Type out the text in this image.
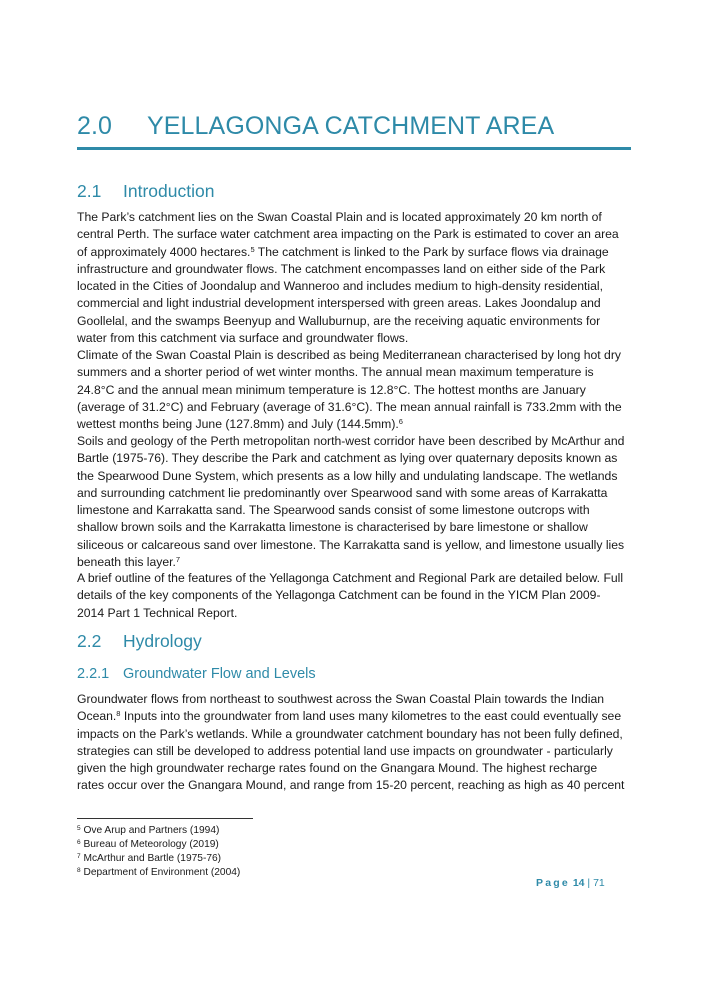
2.0 YELLAGONGA CATCHMENT AREA
2.1 Introduction
The Park’s catchment lies on the Swan Coastal Plain and is located approximately 20 km north of
central Perth. The surface water catchment area impacting on the Park is estimated to cover an area
of approximately 4000 hectares.$^5$ The catchment is linked to the Park by surface flows via drainage
infrastructure and groundwater flows. The catchment encompasses land on either side of the Park
located in the Cities of Joondalup and Wanneroo and includes medium to high-density residential,
commercial and light industrial development interspersed with green areas. Lakes Joondalup and
Goollelal, and the swamps Beenyup and Walluburnup, are the receiving aquatic environments for
water from this catchment via surface and groundwater flows.
Climate of the Swan Coastal Plain is described as being Mediterranean characterised by long hot dry
summers and a shorter period of wet winter months. The annual mean maximum temperature is
24.8°C and the annual mean minimum temperature is 12.8°C. The hottest months are January
(average of 31.2°C) and February (average of 31.6°C). The mean annual rainfall is 733.2mm with the
wettest months being June (127.8mm) and July (144.5mm).$^6$
Soils and geology of the Perth metropolitan north-west corridor have been described by McArthur and
Bartle (1975-76). They describe the Park and catchment as lying over quaternary deposits known as
the Spearwood Dune System, which presents as a low hilly and undulating landscape. The wetlands
and surrounding catchment lie predominantly over Spearwood sand with some areas of Karrakatta
limestone and Karrakatta sand. The Spearwood sands consist of some limestone outcrops with
shallow brown soils and the Karrakatta limestone is characterised by bare limestone or shallow
siliceous or calcareous sand over limestone. The Karrakatta sand is yellow, and limestone usually lies
beneath this layer.$^7$
A brief outline of the features of the Yellagonga Catchment and Regional Park are detailed below. Full
details of the key components of the Yellagonga Catchment can be found in the YICM Plan 2009-
2014 Part 1 Technical Report.
2.2 Hydrology
2.2.1 Groundwater Flow and Levels
Groundwater flows from northeast to southwest across the Swan Coastal Plain towards the Indian
Ocean.$^8$ Inputs into the groundwater from land uses many kilometres to the east could eventually see
impacts on the Park’s wetlands. While a groundwater catchment boundary has not been fully defined,
strategies can still be developed to address potential land use impacts on groundwater - particularly
given the high groundwater recharge rates found on the Gnangara Mound. The highest recharge
rates occur over the Gnangara Mound, and range from 15-20 percent, reaching as high as 40 percent
$^5$ Ove Arup and Partners (1994)
$^6$ Bureau of Meteorology (2019)
$^7$ McArthur and Bartle (1975-76)
$^8$ Department of Environment (2004)
Page 14 | 71
